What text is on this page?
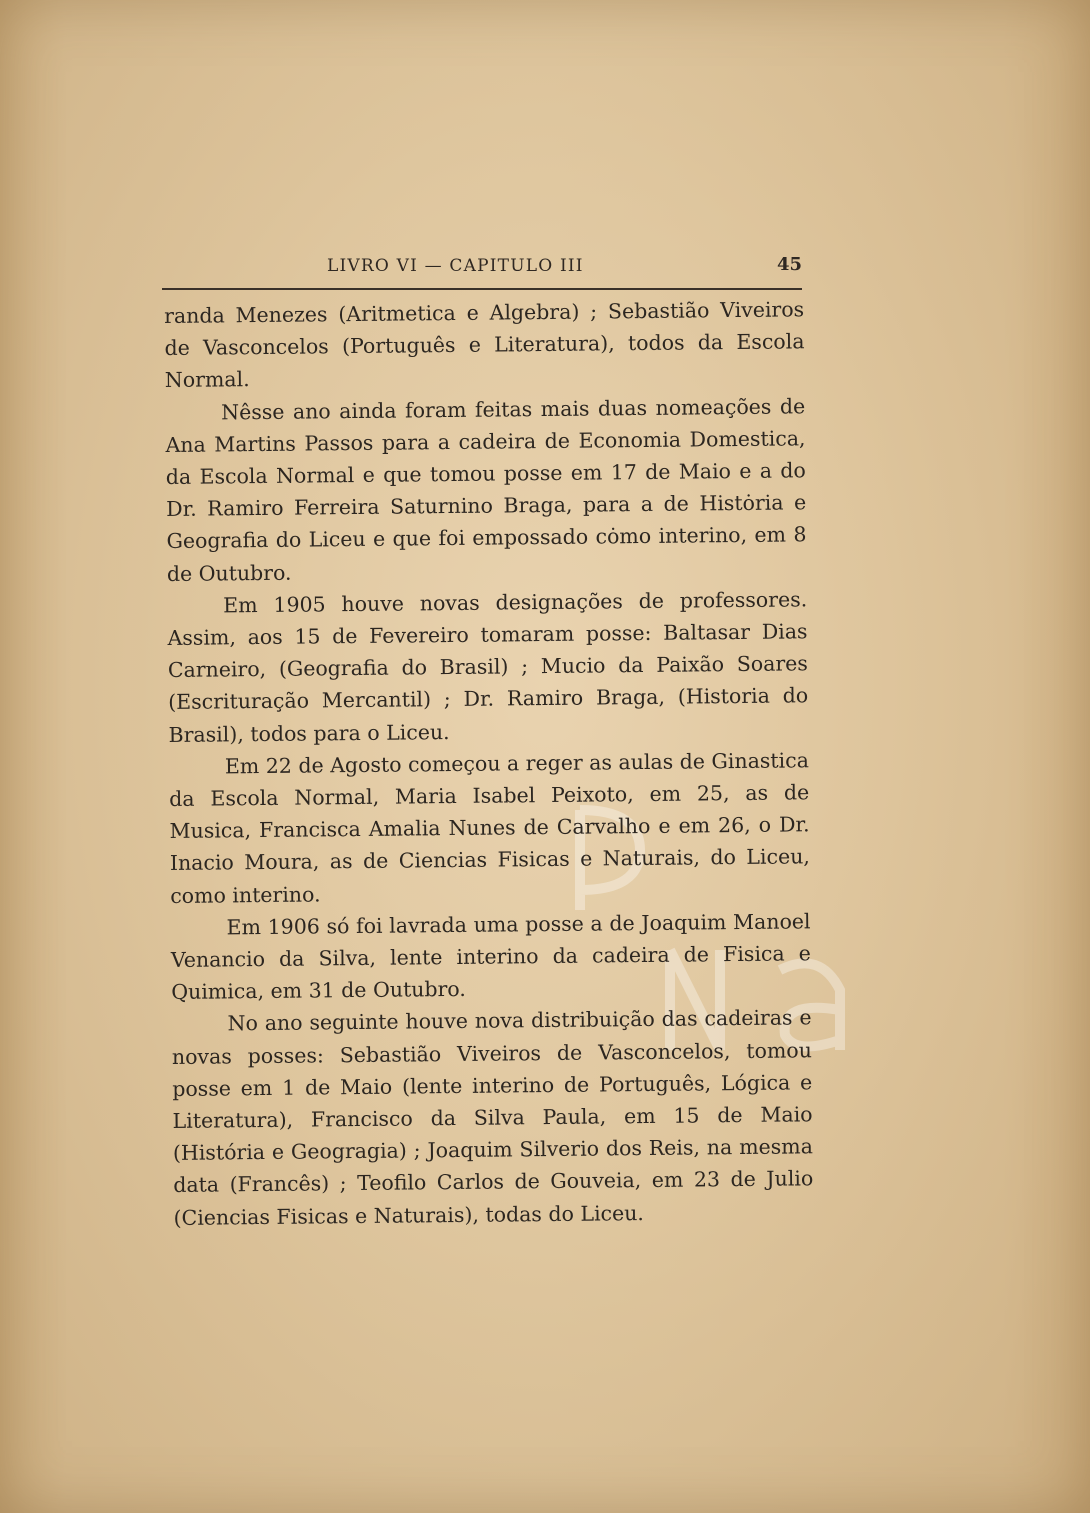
LIVRO VI — CAPITULO III	45

randa Menezes (Aritmetica e Algebra) ; Sebastião Viveiros de Vasconcelos (Português e Literatura), todos da Escola Normal.

Nêsse ano ainda foram feitas mais duas nomeações de Ana Martins Passos para a cadeira de Economia Domestica, da Escola Normal e que tomou posse em 17 de Maio e a do Dr. Ramiro Ferreira Saturnino Braga, para a de Histȯria e Geografia do Liceu e que foi empossado cȯmo interino, em 8 de Outubro.

Em 1905 houve novas designações de professores. Assim, aos 15 de Fevereiro tomaram posse: Baltasar Dias Carneiro, (Geografia do Brasil) ; Mucio da Paixão Soares (Escrituração Mercantil) ; Dr. Ramiro Braga, (Historia do Brasil), todos para o Liceu.

Em 22 de Agosto começou a reger as aulas de Ginastica da Escola Normal, Maria Isabel Peixoto, em 25, as de Musica, Francisca Amalia Nunes de Carvalho e em 26, o Dr. Inacio Moura, as de Ciencias Fisicas e Naturais, do Liceu, como interino.

Em 1906 só foi lavrada uma posse a de Joaquim Manoel Venancio da Silva, lente interino da cadeira de Fisica e Quimica, em 31 de Outubro.

No ano seguinte houve nova distribuição das cadeiras e novas posses: Sebastião Viveiros de Vasconcelos, tomou posse em 1 de Maio (lente interino de Português, Lógica e Literatura), Francisco da Silva Paula, em 15 de Maio (História e Geogragia) ; Joaquim Silverio dos Reis, na mesma data (Francês) ; Teofilo Carlos de Gouveia, em 23 de Julio (Ciencias Fisicas e Naturais), todas do Liceu.
